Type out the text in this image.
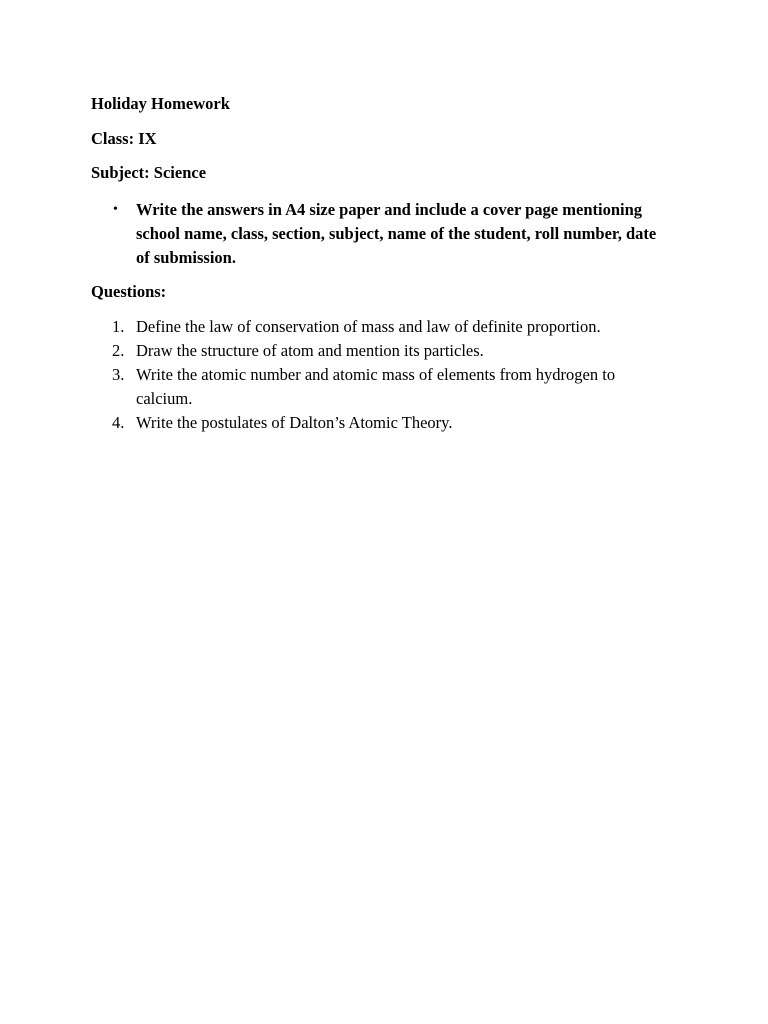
Holiday Homework

Class: IX

Subject: Science

•	Write the answers in A4 size paper and include a cover page mentioning school name, class, section, subject, name of the student, roll number, date of submission.

Questions:

1. Define the law of conservation of mass and law of definite proportion.
2. Draw the structure of atom and mention its particles.
3. Write the atomic number and atomic mass of elements from hydrogen to calcium.
4. Write the postulates of Dalton’s Atomic Theory.
